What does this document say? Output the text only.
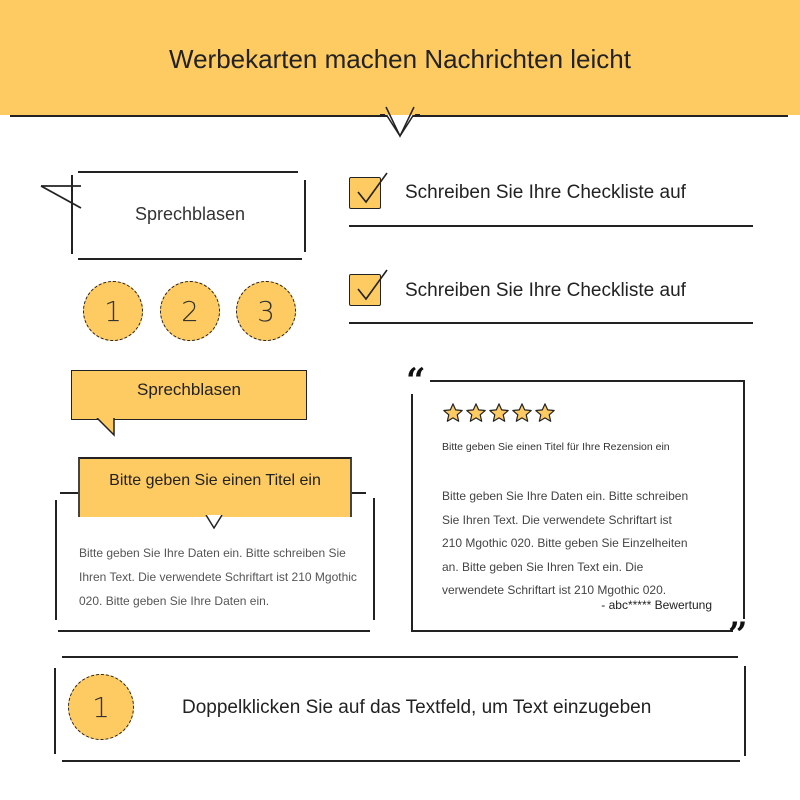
Werbekarten machen Nachrichten leicht
Sprechblasen
1	2	3
Schreiben Sie Ihre Checkliste auf
Schreiben Sie Ihre Checkliste auf
Sprechblasen
Bitte geben Sie einen Titel ein
Bitte geben Sie Ihre Daten ein. Bitte schreiben Sie Ihren Text. Die verwendete Schriftart ist 210 Mgothic 020. Bitte geben Sie Ihre Daten ein.
“
”
Bitte geben Sie einen Titel für Ihre Rezension ein
Bitte geben Sie Ihre Daten ein. Bitte schreiben
Sie Ihren Text. Die verwendete Schriftart ist
210 Mgothic 020. Bitte geben Sie Einzelheiten
an. Bitte geben Sie Ihren Text ein. Die
verwendete Schriftart ist 210 Mgothic 020.
- abc***** Bewertung
1	Doppelklicken Sie auf das Textfeld, um Text einzugeben
